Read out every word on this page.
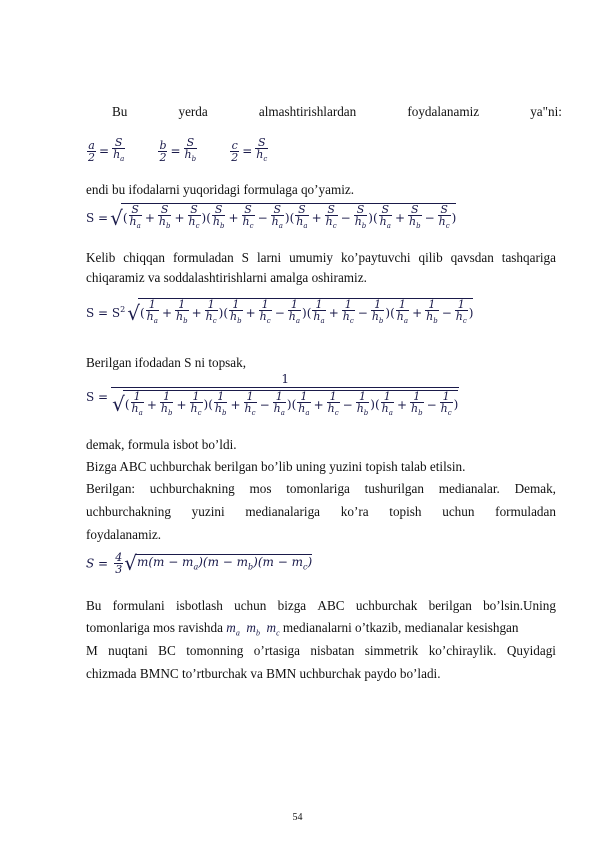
Bu	yerda	almashtirishlardan	foydalanamiz	ya"ni:
$\frac{a}{2} = \frac{S}{h_a}$
	$\frac{b}{2} = \frac{S}{h_b}$
	$\frac{c}{2} = \frac{S}{h_c}$
endi bu ifodalarni yuqoridagi formulaga qo’yamiz.
S = √( $\frac{S}{h_a} + \frac{S}{h_b} + \frac{S}{h_c}$ )( $\frac{S}{h_b} + \frac{S}{h_c} - \frac{S}{h_a}$ )( $\frac{S}{h_a} + \frac{S}{h_c} - \frac{S}{h_b}$ )( $\frac{S}{h_a} + \frac{S}{h_b} - \frac{S}{h_c}$ )
Kelib chiqqan formuladan S larni umumiy ko’paytuvchi qilib qavsdan tashqariga
chiqaramiz va soddalashtirishlarni amalga oshiramiz.
$S = S^2$ √( $\frac{1}{h_a} + \frac{1}{h_b} + \frac{1}{h_c}$ )( $\frac{1}{h_b} + \frac{1}{h_c} - \frac{1}{h_a}$ )( $\frac{1}{h_a} + \frac{1}{h_c} - \frac{1}{h_b}$ )( $\frac{1}{h_a} + \frac{1}{h_b} - \frac{1}{h_c}$ )
Berilgan ifodadan S ni topsak,
$S = \frac{1}{√( \frac{1}{h_a} + \frac{1}{h_b} + \frac{1}{h_c} )( \frac{1}{h_b} + \frac{1}{h_c} - \frac{1}{h_a} )( \frac{1}{h_a} + \frac{1}{h_c} - \frac{1}{h_b} )( \frac{1}{h_a} + \frac{1}{h_b} - \frac{1}{h_c} )}$
demak, formula isbot bo’ldi.
Bizga ABC uchburchak berilgan bo’lib uning yuzini topish talab etilsin.
Berilgan: uchburchakning mos tomonlariga tushurilgan medianalar. Demak,
uchburchakning yuzini medianalariga ko’ra topish uchun formuladan
foydalanamiz.
$S = \frac{4}{3} √m(m - m_a)(m - m_b)(m - m_c)$
Bu formulani isbotlash uchun bizga ABC uchburchak berilgan bo’lsin.Uning
tomonlariga mos ravishda $m_a$ $m_b$ $m_c$ medianalarni o’tkazib, medianalar kesishgan
M nuqtani BC tomonning o’rtasiga nisbatan simmetrik ko’chiraylik. Quyidagi
chizmada BMNC to’rtburchak va BMN uchburchak paydo bo’ladi.
54
